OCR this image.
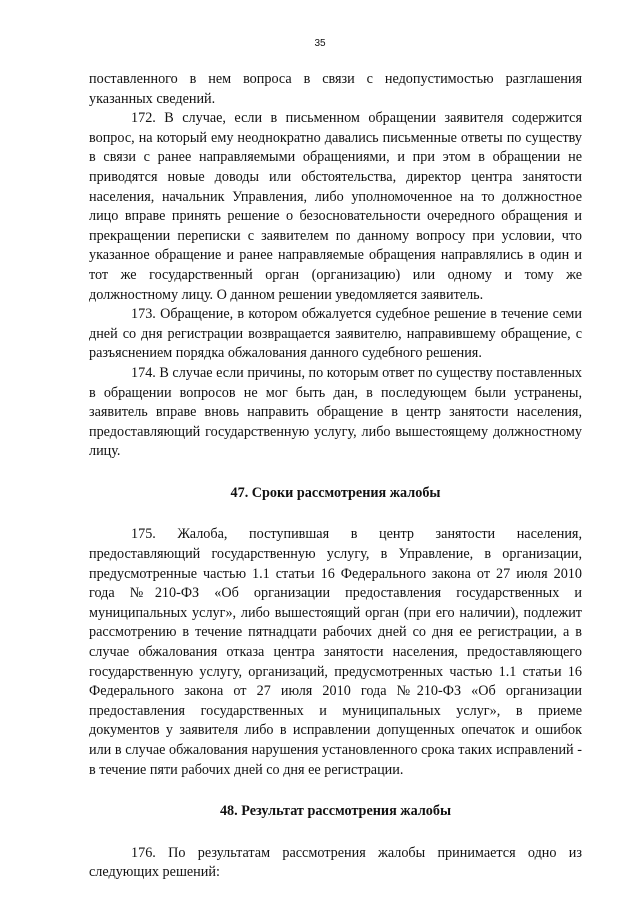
35

поставленного в нем вопроса в связи с недопустимостью разглашения указанных сведений.

172. В случае, если в письменном обращении заявителя содержится вопрос, на который ему неоднократно давались письменные ответы по существу в связи с ранее направляемыми обращениями, и при этом в обращении не приводятся новые доводы или обстоятельства, директор центра занятости населения, начальник Управления, либо уполномоченное на то должностное лицо вправе принять решение о безосновательности очередного обращения и прекращении переписки с заявителем по данному вопросу при условии, что указанное обращение и ранее направляемые обращения направлялись в один и тот же государственный орган (организацию) или одному и тому же должностному лицу. О данном решении уведомляется заявитель.

173. Обращение, в котором обжалуется судебное решение в течение семи дней со дня регистрации возвращается заявителю, направившему обращение, с разъяснением порядка обжалования данного судебного решения.

174. В случае если причины, по которым ответ по существу поставленных в обращении вопросов не мог быть дан, в последующем были устранены, заявитель вправе вновь направить обращение в центр занятости населения, предоставляющий государственную услугу, либо вышестоящему должностному лицу.

47. Сроки рассмотрения жалобы

175. Жалоба, поступившая в центр занятости населения, предоставляющий государственную услугу, в Управление, в организации, предусмотренные частью 1.1 статьи 16 Федерального закона от 27 июля 2010 года №210-ФЗ «Об организации предоставления государственных и муниципальных услуг», либо вышестоящий орган (при его наличии), подлежит рассмотрению в течение пятнадцати рабочих дней со дня ее регистрации, а в случае обжалования отказа центра занятости населения, предоставляющего государственную услугу, организаций, предусмотренных частью 1.1 статьи 16 Федерального закона от 27 июля 2010 года №210-ФЗ «Об организации предоставления государственных и муниципальных услуг», в приеме документов у заявителя либо в исправлении допущенных опечаток и ошибок или в случае обжалования нарушения установленного срока таких исправлений - в течение пяти рабочих дней со дня ее регистрации.

48. Результат рассмотрения жалобы

176. По результатам рассмотрения жалобы принимается одно из следующих решений:
